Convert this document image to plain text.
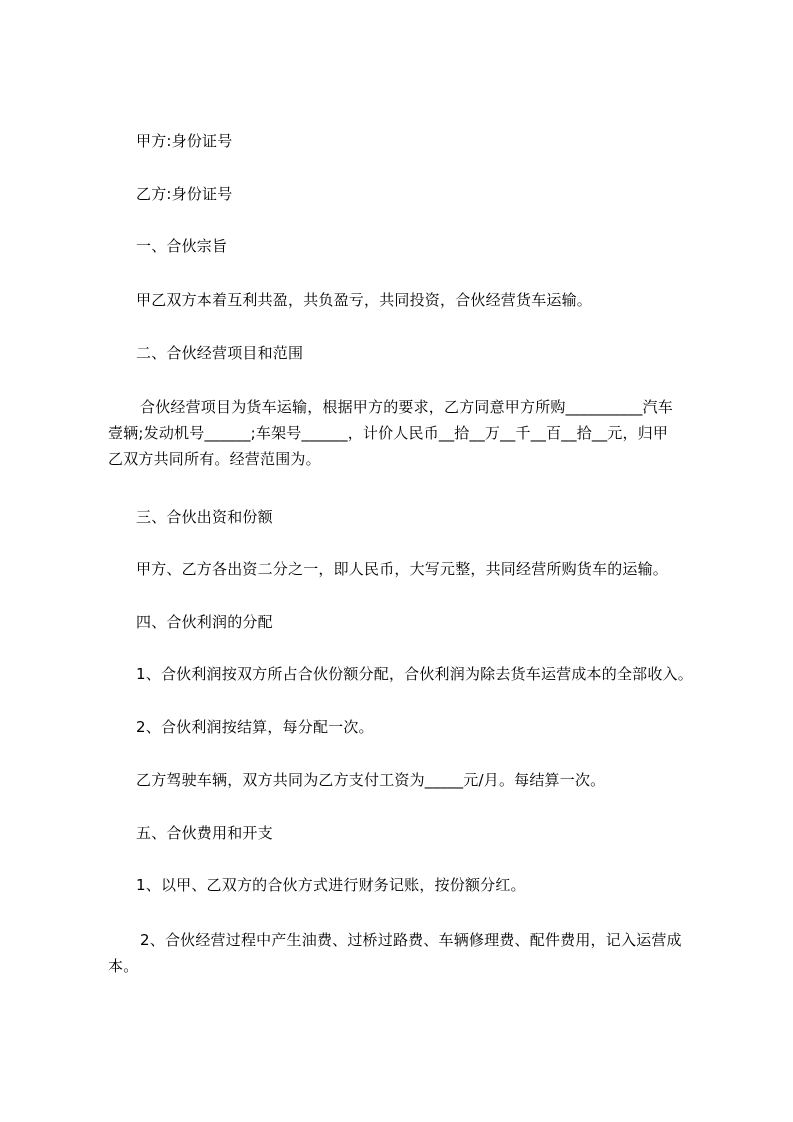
甲方:身份证号

乙方:身份证号

一、合伙宗旨

甲乙双方本着互利共盈，共负盈亏，共同投资，合伙经营货车运输。

二、合伙经营项目和范围

合伙经营项目为货车运输，根据甲方的要求，乙方同意甲方所购__________汽车
壹辆;发动机号______;车架号______，计价人民币__拾__万__千__百__拾__元，归甲
乙双方共同所有。经营范围为。

三、合伙出资和份额

甲方、乙方各出资二分之一，即人民币，大写元整，共同经营所购货车的运输。

四、合伙利润的分配

1、合伙利润按双方所占合伙份额分配，合伙利润为除去货车运营成本的全部收入。

2、合伙利润按结算，每分配一次。

乙方驾驶车辆，双方共同为乙方支付工资为_____元/月。每结算一次。

五、合伙费用和开支

1、以甲、乙双方的合伙方式进行财务记账，按份额分红。

2、合伙经营过程中产生油费、过桥过路费、车辆修理费、配件费用，记入运营成
本。
